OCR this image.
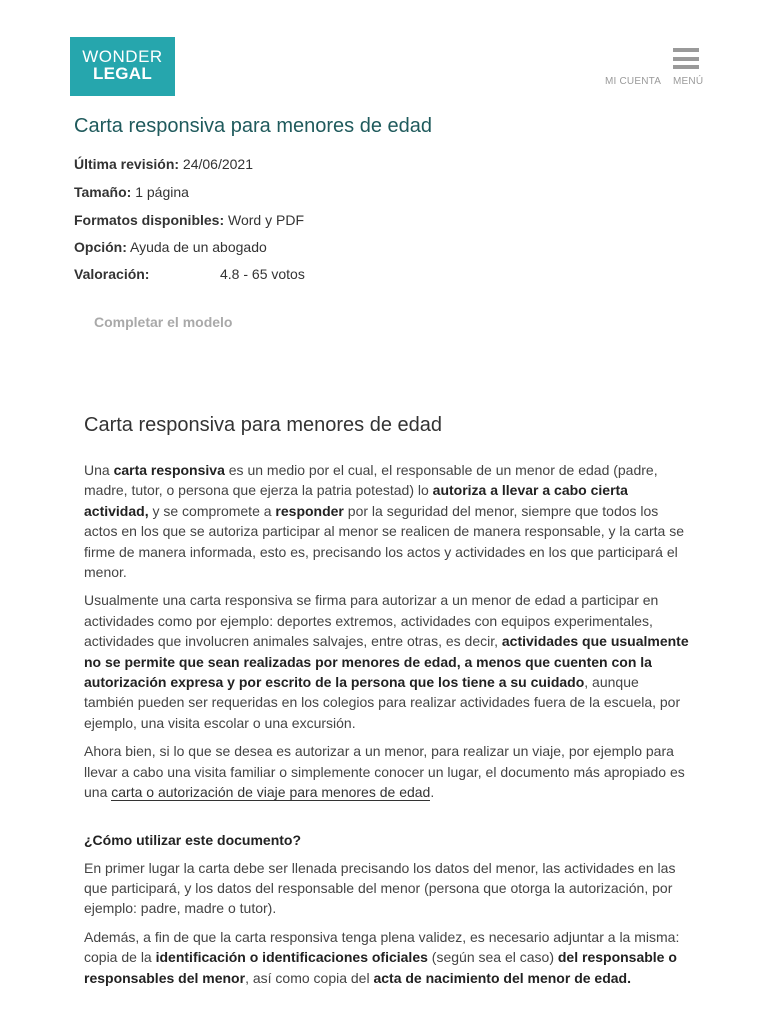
WONDER
LEGAL	MI CUENTA MENÚ
Carta responsiva para menores de edad
Última revisión: 24/06/2021
Tamaño: 1 página
Formatos disponibles: Word y PDF
Opción: Ayuda de un abogado
Valoración:	4.8 - 65 votos
Completar el modelo
Carta responsiva para menores de edad

Una carta responsiva es un medio por el cual, el responsable de un menor de edad (padre, madre, tutor, o persona que ejerza la patria potestad) lo autoriza a llevar a cabo cierta actividad, y se compromete a responder por la seguridad del menor, siempre que todos los actos en los que se autoriza participar al menor se realicen de manera responsable, y la carta se firme de manera informada, esto es, precisando los actos y actividades en los que participará el menor.

Usualmente una carta responsiva se firma para autorizar a un menor de edad a participar en actividades como por ejemplo: deportes extremos, actividades con equipos experimentales, actividades que involucren animales salvajes, entre otras, es decir, actividades que usualmente no se permite que sean realizadas por menores de edad, a menos que cuenten con la autorización expresa y por escrito de la persona que los tiene a su cuidado, aunque también pueden ser requeridas en los colegios para realizar actividades fuera de la escuela, por ejemplo, una visita escolar o una excursión.

Ahora bien, si lo que se desea es autorizar a un menor, para realizar un viaje, por ejemplo para llevar a cabo una visita familiar o simplemente conocer un lugar, el documento más apropiado es una carta o autorización de viaje para menores de edad.

¿Cómo utilizar este documento?

En primer lugar la carta debe ser llenada precisando los datos del menor, las actividades en las que participará, y los datos del responsable del menor (persona que otorga la autorización, por ejemplo: padre, madre o tutor).

Además, a fin de que la carta responsiva tenga plena validez, es necesario adjuntar a la misma: copia de la identificación o identificaciones oficiales (según sea el caso) del responsable o responsables del menor, así como copia del acta de nacimiento del menor de edad.
